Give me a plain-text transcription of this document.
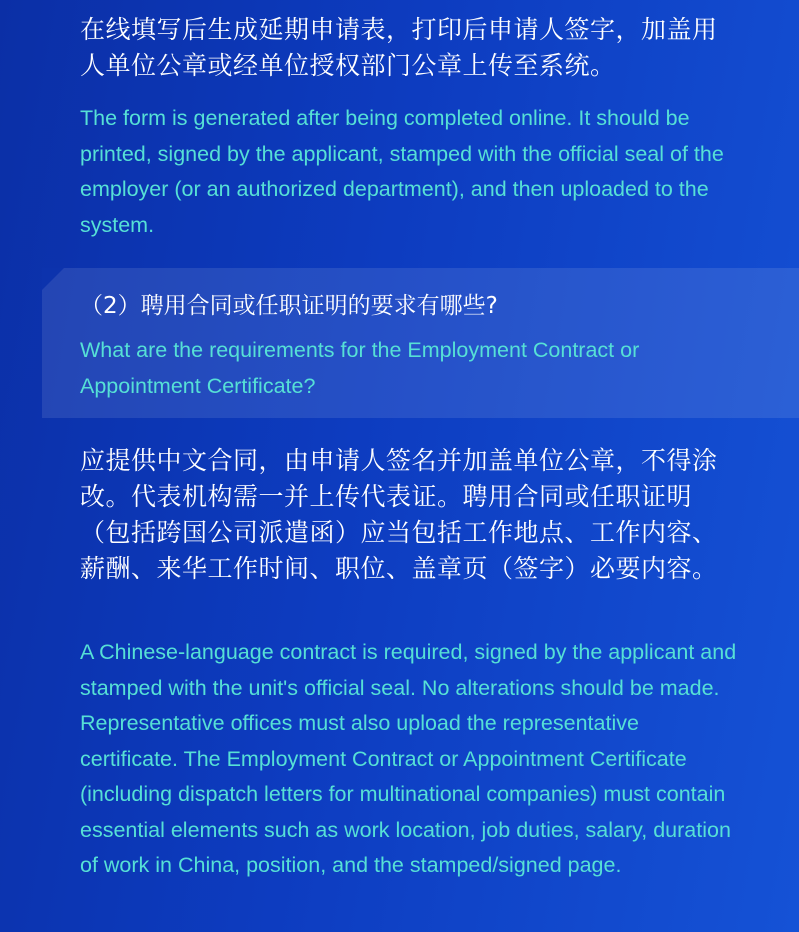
在线填写后生成延期申请表，打印后申请人签字，加盖用人单位公章或经单位授权部门公章上传至系统。

The form is generated after being completed online. It should be printed, signed by the applicant, stamped with the official seal of the employer (or an authorized department), and then uploaded to the system.

（2）聘用合同或任职证明的要求有哪些?

What are the requirements for the Employment Contract or Appointment Certificate?

应提供中文合同，由申请人签名并加盖单位公章，不得涂改。代表机构需一并上传代表证。聘用合同或任职证明（包括跨国公司派遣函）应当包括工作地点、工作内容、薪酬、来华工作时间、职位、盖章页（签字）必要内容。

A Chinese-language contract is required, signed by the applicant and stamped with the unit's official seal. No alterations should be made. Representative offices must also upload the representative certificate. The Employment Contract or Appointment Certificate (including dispatch letters for multinational companies) must contain essential elements such as work location, job duties, salary, duration of work in China, position, and the stamped/signed page.
